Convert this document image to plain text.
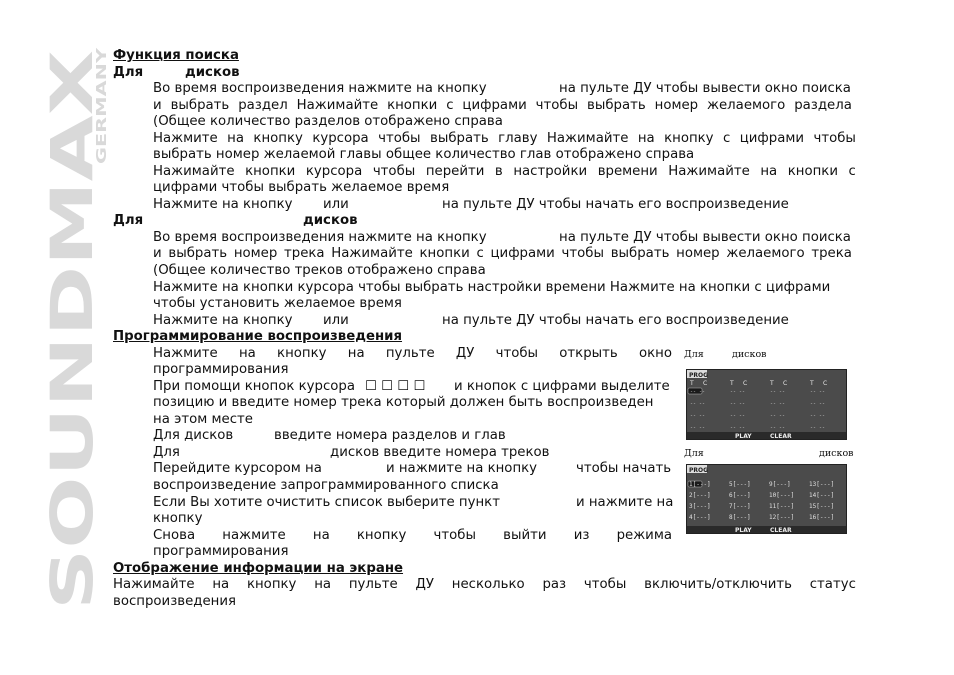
SOUNDMAX
GERMANY
Функция поиска
Для	дисков
Во время воспроизведения нажмите на кнопку	на пульте ДУ чтобы вывести окно поиска
и выбрать раздел Нажимайте кнопки с цифрами чтобы выбрать номер желаемого раздела
(Общее количество разделов отображено справа
Нажмите на кнопку курсора чтобы выбрать главу Нажимайте на кнопку с цифрами чтобы
выбрать номер желаемой главы общее количество глав отображено справа
Нажимайте кнопки курсора чтобы перейти в настройки времени Нажимайте на кнопки с
цифрами чтобы выбрать желаемое время
Нажмите на кнопку или	на пульте ДУ чтобы начать его воспроизведение
Для	дисков
Во время воспроизведения нажмите на кнопку	на пульте ДУ чтобы вывести окно поиска
и выбрать номер трека Нажимайте кнопки с цифрами чтобы выбрать номер желаемого трека
(Общее количество треков отображено справа
Нажмите на кнопки курсора чтобы выбрать настройки времени Нажмите на кнопки с цифрами
чтобы установить желаемое время
Нажмите на кнопку или	на пульте ДУ чтобы начать его воспроизведение
Программирование воспроизведения
Нажмите на кнопку на пульте ДУ чтобы открыть окно
программирования
При помощи кнопок курсора ☐ ☐ ☐ ☐ и кнопок с цифрами выделите
позицию и введите номер трека который должен быть воспроизведен
на этом месте
Для дисков	введите номера разделов и глав
Для	дисков введите номера треков
Перейдите курсором на	и нажмите на кнопку	чтобы начать
воспроизведение запрограммированного списка
Если Вы хотите очистить список выберите пункт	и нажмите на
кнопку
Снова нажмите на кнопку чтобы выйти из режима
программирования
Отображение информации на экране
Нажимайте на кнопку на пульте ДУ несколько раз чтобы включить/отключить статус
воспроизведения
Для	дисков
PROG
T C	T C	T C	T C
-- --	-- --	-- --	-- --
-- --	-- --	-- --	-- --
-- --	-- --	-- --	-- --
-- --	-- --	-- --	-- --
PLAY	CLEAR
Для	дисков
PROG
PLAY	CLEAR
1[---]	5[---]	9[---]	13[---]
2[---]	6[---]	10[---] 14[---]
3[---]	7[---]	11[---] 15[---]
4[---]	8[---]	12[---] 16[---]
